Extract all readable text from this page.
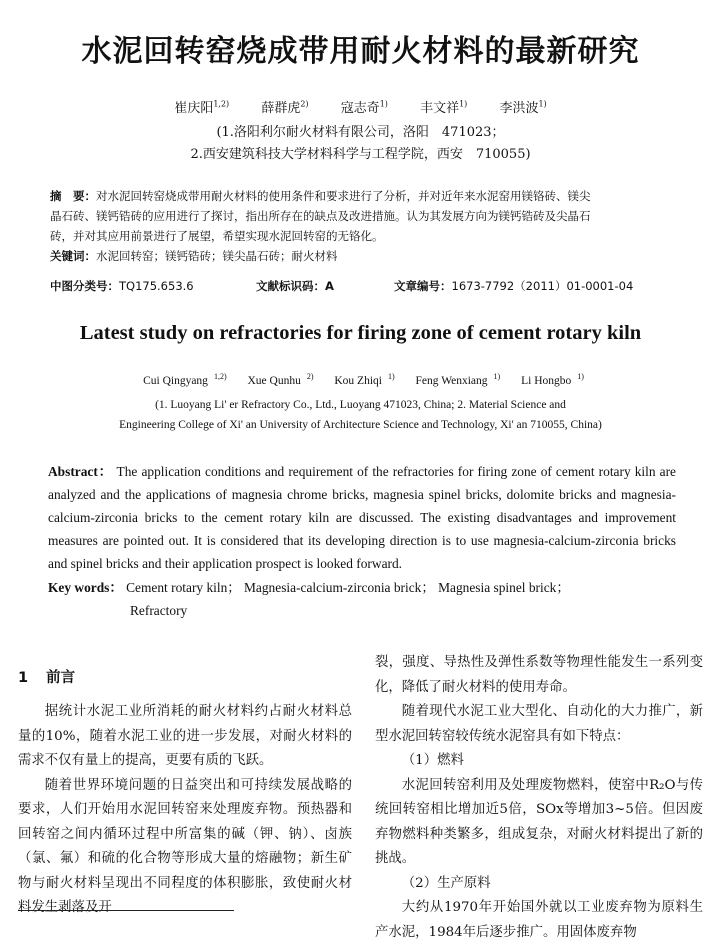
水泥回转窑烧成带用耐火材料的最新研究
崔庆阳$^{1,2)}$ 薛群虎$^{2)}$ 寇志奇$^{1)}$ 丰文祥$^{1)}$ 李洪波$^{1)}$
(1.洛阳利尔耐火材料有限公司，洛阳　471023；
2.西安建筑科技大学材料科学与工程学院，西安　710055)
摘　要：对水泥回转窑烧成带用耐火材料的使用条件和要求进行了分析，并对近年来水泥窑用镁铬砖、镁尖
晶石砖、镁钙锆砖的应用进行了探讨，指出所存在的缺点及改进措施。认为其发展方向为镁钙锆砖及尖晶石
砖，并对其应用前景进行了展望，希望实现水泥回转窑的无铬化。
关键词：水泥回转窑；镁钙锆砖；镁尖晶石砖；耐火材料
中图分类号：TQ175.653.6	文献标识码：A	文章编号：1673-7792（2011）01-0001-04
Latest study on refractories for firing zone of cement rotary kiln
Cui Qingyang $^{1,2)}$ Xue Qunhu $^{2)}$ Kou Zhiqi $^{1)}$ Feng Wenxiang $^{1)}$ Li Hongbo $^{1)}$
(1. Luoyang Li' er Refractory Co., Ltd., Luoyang 471023, China; 2. Material Science and
Engineering College of Xi' an University of Architecture Science and Technology, Xi' an 710055, China)
Abstract： The application conditions and requirement of the refractories for firing zone of cement rotary kiln are analyzed and the applications of magnesia chrome bricks, magnesia spinel bricks, dolomite bricks and magnesia-calcium-zirconia bricks to the cement rotary kiln are discussed. The existing disadvantages and improvement measures are pointed out. It is considered that its developing direction is to use magnesia-calcium-zirconia bricks and spinel bricks and their application prospect is looked forward.
Key words： Cement rotary kiln； Magnesia-calcium-zirconia brick； Magnesia spinel brick；
Refractory
1 前言

据统计水泥工业所消耗的耐火材料约占耐火材料总量的10%，随着水泥工业的进一步发展，对耐火材料的需求不仅有量上的提高，更要有质的飞跃。

随着世界环境问题的日益突出和可持续发展战略的要求，人们开始用水泥回转窑来处理废弃物。预热器和回转窑之间内循环过程中所富集的碱（钾、钠）、卤族（氯、氟）和硫的化合物等形成大量的熔融物；新生矿物与耐火材料呈现出不同程度的体积膨胀，致使耐火材料发生剥落及开

裂，强度、导热性及弹性系数等物理性能发生一系列变化，降低了耐火材料的使用寿命。

随着现代水泥工业大型化、自动化的大力推广，新型水泥回转窑较传统水泥窑具有如下特点：

（1）燃料

水泥回转窑利用及处理废物燃料，使窑中R₂O与传统回转窑相比增加近5倍，SOx等增加3~5倍。但因废弃物燃料种类繁多，组成复杂，对耐火材料提出了新的挑战。

（2）生产原料

大约从1970年开始国外就以工业废弃物为原料生产水泥，1984年后逐步推广。用固体废弃物
